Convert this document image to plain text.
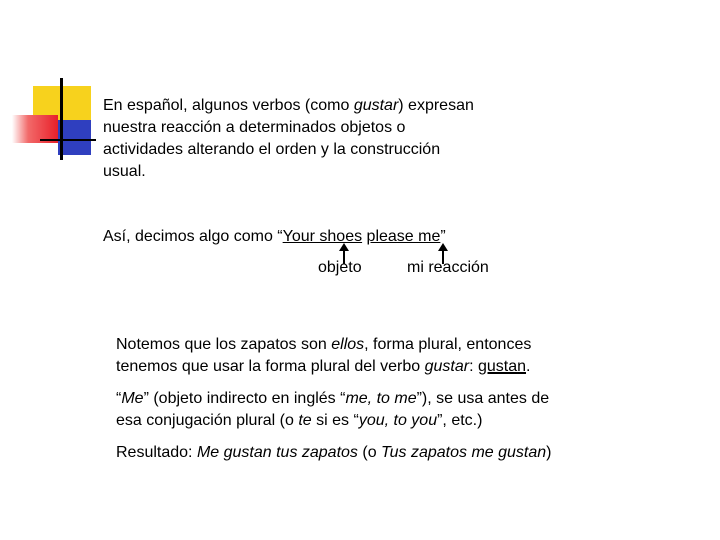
En español, algunos verbos (como gustar) expresan
nuestra reacción a determinados objetos o
actividades alterando el orden y la construcción
usual.
Así, decimos algo como “Your shoes please me”
objeto	mi reacción
Notemos que los zapatos son ellos, forma plural, entonces
tenemos que usar la forma plural del verbo gustar: gustan.
“Me” (objeto indirecto en inglés “me, to me”), se usa antes de
esa conjugación plural (o te si es “you, to you”, etc.)
Resultado: Me gustan tus zapatos (o Tus zapatos me gustan)
